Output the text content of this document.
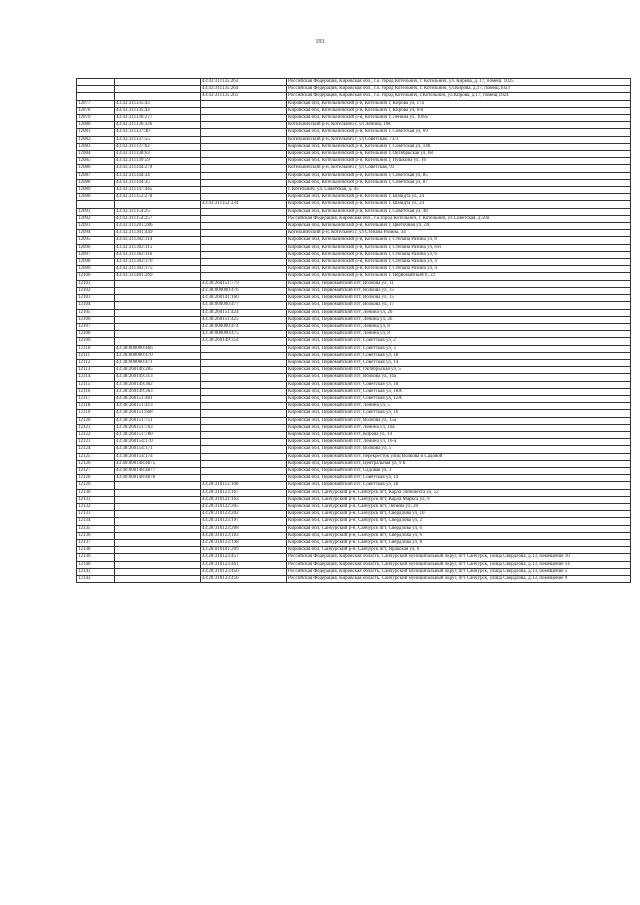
193
		43:43:311135:263	Российская Федерация, Кировская обл., г.о. город Котельнич, г. Котельнич, ул. Кирова, д. 17, помещ. 1025
		43:43:311135:264	Российская Федерация, Кировская обл., г.о. город Котельнич, г. Котельнич, ул.Кирова, д.17, помещ.1023
		43:43:311135:265	Российская Федерация, Кировская обл., г.о. город Котельнич, г.Котельнич, ул.Кирова, д.17, помещ.1024
12077	43:43:311135:43		Кировская обл, Котельничский р-н, Котельнич г, Кирова ул, 17а
12078	43:43:311135:44		Кировская обл, Котельничский р-н, Котельнич г, Кирова ул, 6/н
12079	43:43:311136:277		Кировская обл, Котельничский р-н, Котельнич г, Ленина ул, 10/85
12080	43:43:311136:326		Котельничский р-н, Котельнич г, ул Ленина, 10в
12081	43:43:311137:40		Кировская обл, Котельничский р-н, Котельнич г, Советская ул, 69
12082	43:43:311137:55		Котельничский р-н, Котельнич г, ул Советская, 73/3
12083	43:43:311137:62		Кировская обл, Котельничский р-н, Котельнич г, Советская ул, 148
12084	43:43:311138:63		Кировская обл, Котельничский р-н, Котельнич г, Октябрьская ул, 68
12085	43:43:311139:59		Кировская обл, Котельничский р-н, Котельнич г, Пушкина ул, 16
12086	43:43:311144:279		Котельничский р-н, Котельнич г, ул Советская, 93
12087	43:43:311144:34		Кировская обл, Котельничский р-н, Котельнич г, Советская ул, 85
12088	43:43:311144:35		Кировская обл, Котельничский р-н, Котельнич г, Советская ул, 87
12089	43:43:311147:445		г. Котельнич, ул. Советская, д. 45
12090	43:43:311152:278		Кировская обл, Котельничский р-н, Котельнич г, Шмидта ул, 24
		43:43:311152:334	Кировская обл, Котельничский р-н, Котельнич г, Шмидта ул, 24
12091	43:43:311154:25		Кировская обл, Котельничский р-н, Котельнич г, Советская ул, 48
12092	43:43:311154:257		Российская Федерация, Кировская обл., г.о.город Котельнич, г. Котельнич, ул.Советская, д.50а
12093	43:43:311201:286		Кировская обл, Котельничский р-н, Котельнич г, Цветочная ул, 2А
12094	43:43:311301:449		Котельничский р-н, Котельнич г, ул Степана Разина, 34
12095	43:43:311302:114		Кировская обл, Котельничский р-н, Котельнич г, Степана Разина ул, 8
12096	43:43:311302:115		Кировская обл, Котельничский р-н, Котельнич г, Степана Разина ул, 6/н
12097	43:43:311302:116		Кировская обл, Котельничский р-н, Котельнич г, Степана Разина ул, 6
12098	43:43:311302:370		Кировская обл, Котельничский р-н, Котельнич г, Степана Разина ул, 4
12099	43:43:311302:375		Кировская обл, Котельничский р-н, Котельнич г, Степана Разина ул, 4
12100	43:43:311401:269		Кировская обл, Котельничский р-н, Котельнич г, Первомайский п, 22
12101		43:38:260151:779	Кировская обл, Первомайский пгт, Волкова ул, 11
12102		43:38:000000:476	Кировская обл, Первомайский пгт, Волкова ул, 15
12103		43:38:260141:160	Кировская обл, Первомайский пгт, Волкова ул, 15
12104		43:38:000000:477	Кировская обл, Первомайский пгт, Волкова ул, 17
12105		43:38:260151:424	Кировская обл, Первомайский пгт, Ленина ул, 26
12106		43:38:260151:425	Кировская обл, Первомайский пгт, Ленина ул, 26
12107		43:38:000000:474	Кировская обл, Первомайский пгт, Ленина ул, 8
12108		43:38:000000:475	Кировская обл, Первомайский пгт, Ленина ул, 8
12109		43:38:260149:354	Кировская обл, Первомайский пгт, Советская ул, 2
12110	43:38:000000:466		Кировская обл, Первомайский пгт, Советская ул, 3
12111	43:38:000000:470		Кировская обл, Первомайский пгт, Советская ул, 18
12112	43:38:000000:471		Кировская обл, Первомайский пгт, Советская ул, 14
12113	43:38:260146:285		Кировская обл, Первомайский пгт, Октябрьская ул, 5
12114	43:38:260149:313		Кировская обл, Первомайский пгт, Волкова ул, 16а
12115	43:38:260149:362		Кировская обл, Первомайский пгт, Советская ул, 18
12116	43:38:260149:363		Кировская обл, Первомайский пгт, Советская ул, 18А
12117	43:38:260151:401		Кировская обл, Первомайский пгт, Советская ул, 12А
12118	43:38:260151:413		Кировская обл, Первомайский пгт, Ленина ул, 5
12119	43:38:260151:668		Кировская обл, Первомайский пгт, Советская ул, 16
12120	43:38:260151:751		Кировская обл, Первомайский пгт, Волкова ул, 15а
12121	43:38:260151:763		Кировская обл, Первомайский пгт, Ленина ул, 10а
12122	43:38:260151:780		Кировская обл, Первомайский пгт, Кирова ул, 14
12123	43:38:260154:170		Кировская обл, Первомайский пгт, Ленина ул, 16-а
12124	43:38:260154:171		Кировская обл, Первомайский пгт, Волкова ул, 5
12125	43:38:260154:174		Кировская обл, Первомайский пгт, перекресток улиц Волкова и Садовой
12126	43:40:000148:4875		Кировская обл, Первомайский пгт, Центральная ул, 9 в
12127	43:40:000148:4877		Кировская обл, Первомайский пгт, Садовая ул, 3
12128	43:40:000148:4878		Кировская обл, Первомайский пгт, Советская ул, 14
12129		43:28:310112:168	Кировская обл, Первомайский пгт, Советская ул, 18
12130		43:28:310123:167	Кировская обл, Санчурский р-н, Санчурск пгт, Карла Либкнехта ул, 52
12131		43:28:310121:163	Кировская обл, Санчурский р-н, Санчурск пгт, Карла Маркса ул, 9
12132		43:28:310122:205	Кировская обл, Санчурский р-н, Санчурск пгт, Ленина ул, 28
12133		43:28:310123:202	Кировская обл, Санчурский р-н, Санчурск пгт, Свердлова ул, 10
12134		43:28:310123:197	Кировская обл, Санчурский р-н, Санчурск пгт, Свердлова ул, 2
12135		43:28:310123:208	Кировская обл, Санчурский р-н, Санчурск пгт, Свердлова ул, 6
12136		43:28:310123:183	Кировская обл, Санчурский р-н, Санчурск пгт, Свердлова ул, 6
12137		43:28:310123:198	Кировская обл, Санчурский р-н, Санчурск пгт, Свердлова ул, 8
12138		43:28:010101:209	Кировская обл, Санчурский р-н, Санчурск пгт, Ярanская ул, 6
12139		43:28:310123:457	Российская Федерация, Кировская область, Санчурский муниципальный округ, пгт Санчурск, улица Свердлова, д.13, помещение 10
12140		43:28:310123:461	Российская Федерация, Кировская область, Санчурский муниципальный округ, пгт Санчурск, улица Свердлова, д.13, помещение 14
12141		43:28:310123:450	Российская Федерация, Кировская область, Санчурский муниципальный округ, пгт Санчурск, улица Свердлова, д.13, помещение 5
12142		43:28:310123:456	Российская Федерация, Кировская область, Санчурский муниципальный округ, пгт Санчурск, улица Свердлова, д.13, помещение 9
